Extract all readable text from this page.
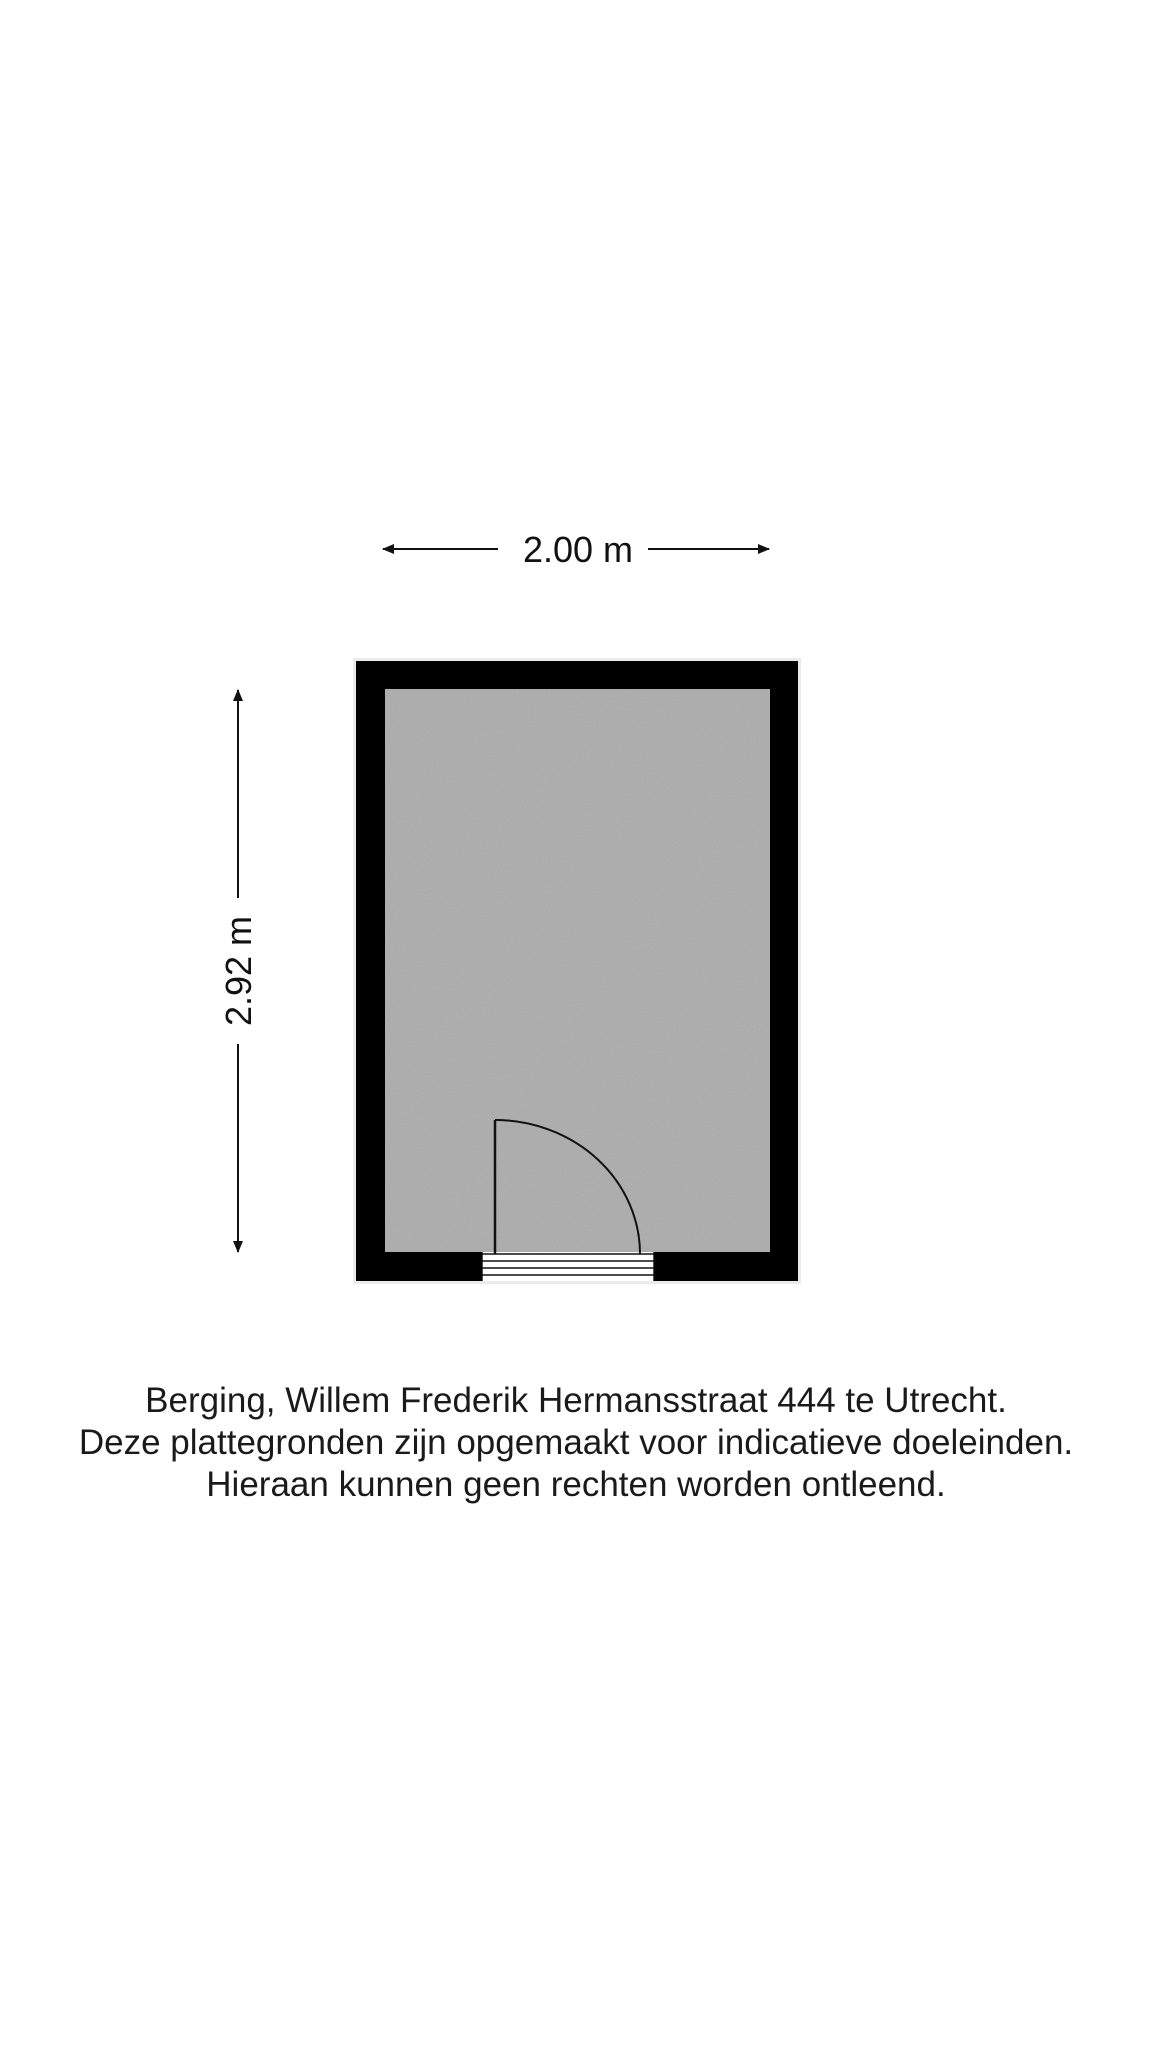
2.00 m
2.92 m
Berging, Willem Frederik Hermansstraat 444 te Utrecht.
Deze plattegronden zijn opgemaakt voor indicatieve doeleinden.
Hieraan kunnen geen rechten worden ontleend.
